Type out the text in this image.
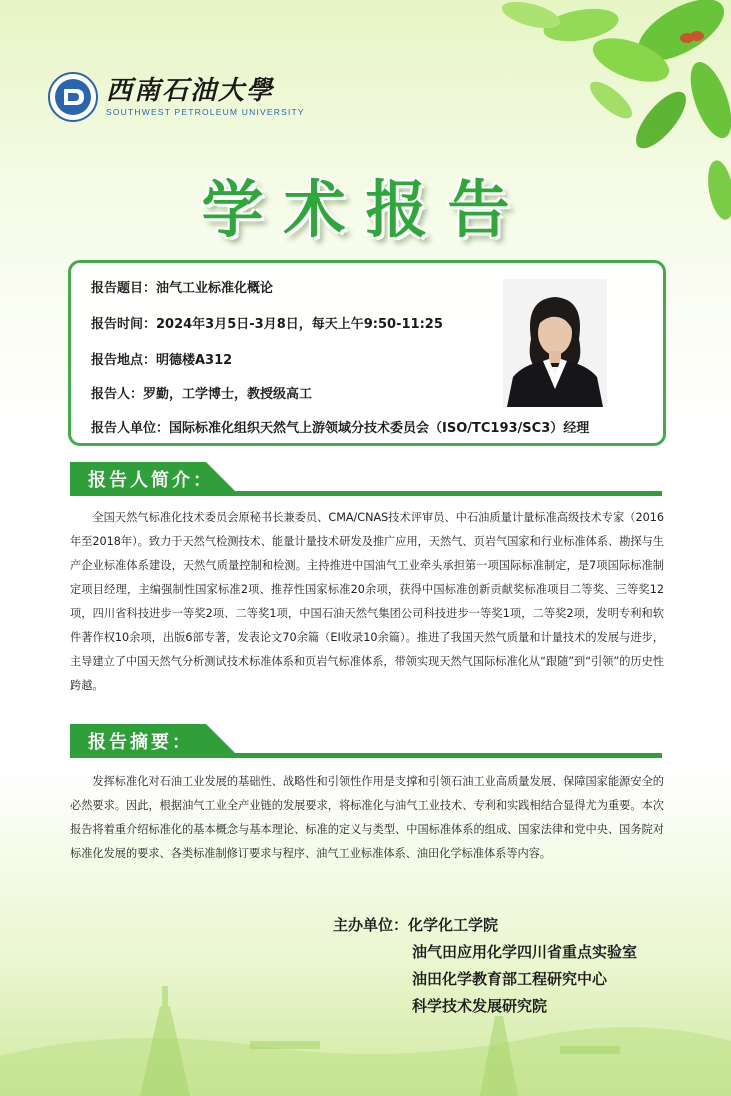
西南石油大學
SOUTHWEST PETROLEUM UNIVERSITY
学术报告
报告题目：油气工业标准化概论
报告时间：2024年3月5日-3月8日，每天上午9:50-11:25
报告地点：明德楼A312
报告人：罗勤，工学博士，教授级高工
报告人单位：国际标准化组织天然气上游领域分技术委员会（ISO/TC193/SC3）经理
报告人简介：
全国天然气标准化技术委员会原秘书长兼委员、CMA/CNAS技术评审员、中石油质量计量标准高级技术专家（2016年至2018年）。致力于天然气检测技术、能量计量技术研发及推广应用，天然气、页岩气国家和行业标准体系、勘探与生产企业标准体系建设，天然气质量控制和检测。主持推进中国油气工业牵头承担第一项国际标准制定，是7项国际标准制定项目经理，主编强制性国家标准2项、推荐性国家标准20余项，获得中国标准创新贡献奖标准项目二等奖、三等奖12项，四川省科技进步一等奖2项、二等奖1项，中国石油天然气集团公司科技进步一等奖1项，二等奖2项，发明专利和软件著作权10余项，出版6部专著，发表论文70余篇（EI收录10余篇）。推进了我国天然气质量和计量技术的发展与进步，主导建立了中国天然气分析测试技术标准体系和页岩气标准体系，带领实现天然气国际标准化从“跟随”到“引领”的历史性跨越。
报告摘要：
发挥标准化对石油工业发展的基础性、战略性和引领性作用是支撑和引领石油工业高质量发展、保障国家能源安全的必然要求。因此，根据油气工业全产业链的发展要求，将标准化与油气工业技术、专利和实践相结合显得尤为重要。本次报告将着重介绍标准化的基本概念与基本理论、标准的定义与类型、中国标准体系的组成、国家法律和党中央、国务院对标准化发展的要求、各类标准制修订要求与程序、油气工业标准体系、油田化学标准体系等内容。
主办单位：化学化工学院
油气田应用化学四川省重点实验室
油田化学教育部工程研究中心
科学技术发展研究院
